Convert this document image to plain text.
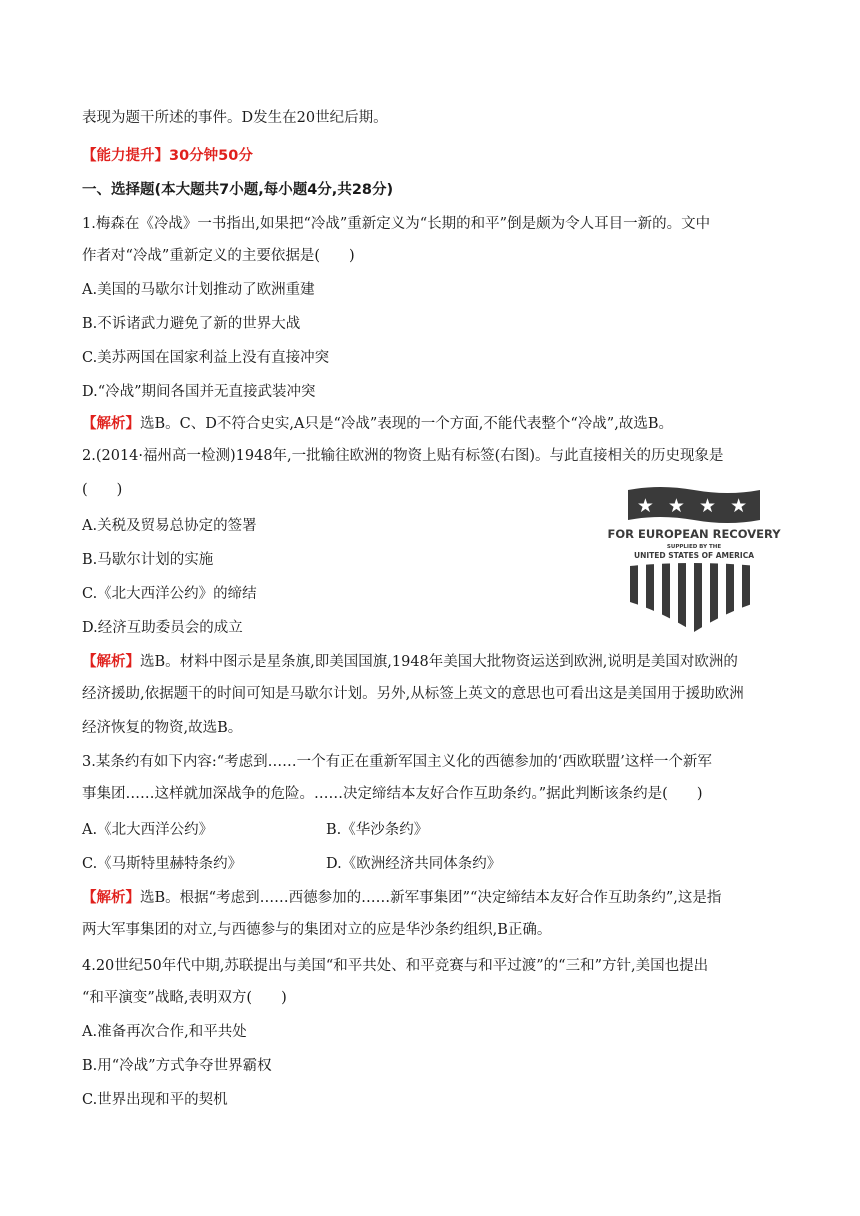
表现为题干所述的事件。D发生在20世纪后期。
【能力提升】30分钟50分
一、选择题(本大题共7小题,每小题4分,共28分)
1.梅森在《冷战》一书指出,如果把“冷战”重新定义为“长期的和平”倒是颇为令人耳目一新的。文中
作者对“冷战”重新定义的主要依据是(　　)
A.美国的马歇尔计划推动了欧洲重建
B.不诉诸武力避免了新的世界大战
C.美苏两国在国家利益上没有直接冲突
D.“冷战”期间各国并无直接武装冲突
【解析】选B。C、D不符合史实,A只是“冷战”表现的一个方面,不能代表整个“冷战”,故选B。
2.(2014·福州高一检测)1948年,一批输往欧洲的物资上贴有标签(右图)。与此直接相关的历史现象是
(　　)
A.关税及贸易总协定的签署
B.马歇尔计划的实施
C.《北大西洋公约》的缔结
D.经济互助委员会的成立
【解析】选B。材料中图示是星条旗,即美国国旗,1948年美国大批物资运送到欧洲,说明是美国对欧洲的
经济援助,依据题干的时间可知是马歇尔计划。另外,从标签上英文的意思也可看出这是美国用于援助欧洲
经济恢复的物资,故选B。
3.某条约有如下内容:“考虑到……一个有正在重新军国主义化的西德参加的‘西欧联盟’这样一个新军
事集团……这样就加深战争的危险。……决定缔结本友好合作互助条约。”据此判断该条约是(　　)
A.《北大西洋公约》	B.《华沙条约》
C.《马斯特里赫特条约》	D.《欧洲经济共同体条约》
【解析】选B。根据“考虑到……西德参加的……新军事集团”“决定缔结本友好合作互助条约”,这是指
两大军事集团的对立,与西德参与的集团对立的应是华沙条约组织,B正确。
4.20世纪50年代中期,苏联提出与美国“和平共处、和平竞赛与和平过渡”的“三和”方针,美国也提出
“和平演变”战略,表明双方(　　)
A.准备再次合作,和平共处
B.用“冷战”方式争夺世界霸权
C.世界出现和平的契机
★ ★ ★ ★
FOR EUROPEAN RECOVERY
SUPPLIED BY THE
UNITED STATES OF AMERICA
